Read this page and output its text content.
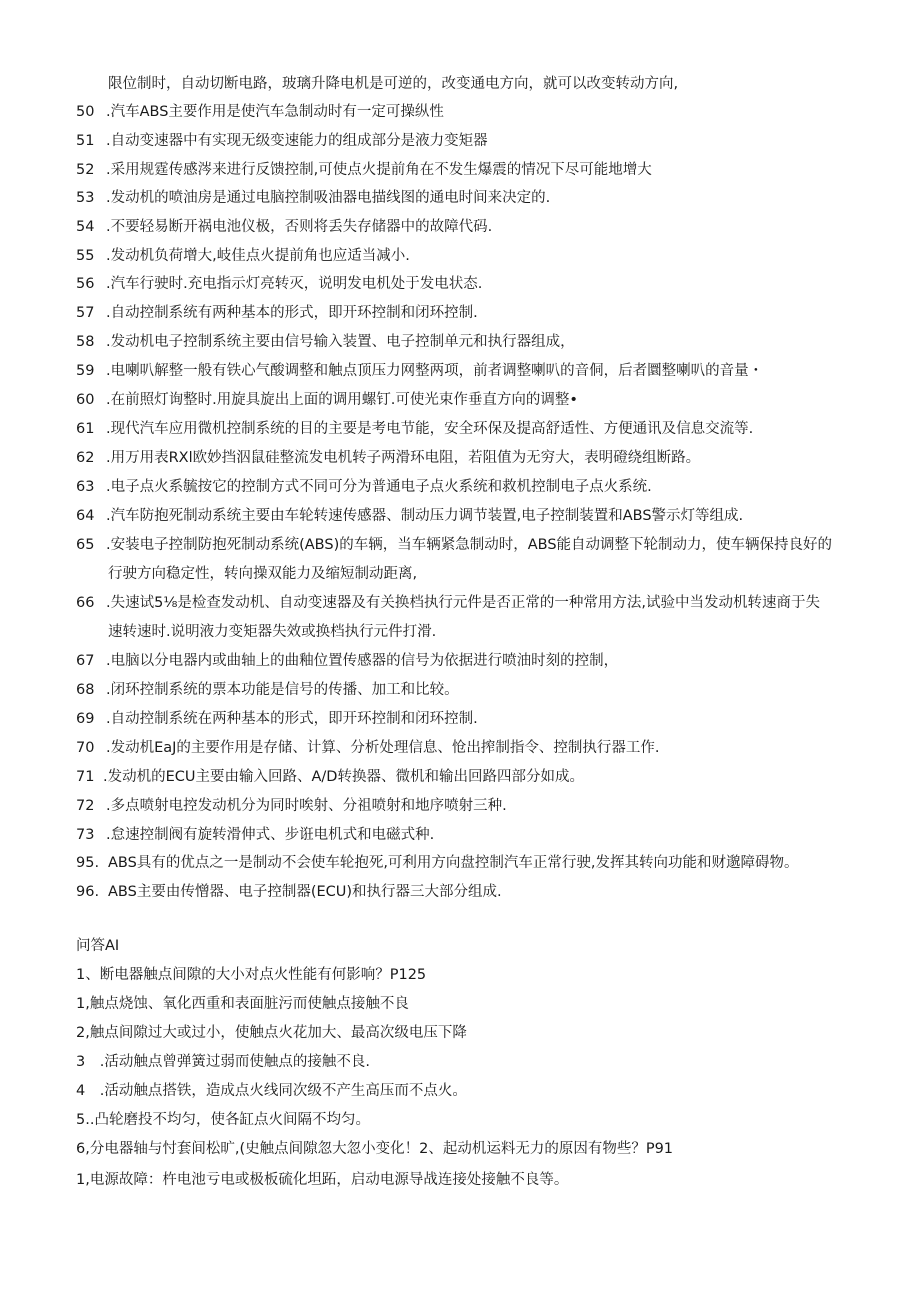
限位制时，自动切断电路，玻璃升降电机是可逆的，改变通电方向，就可以改变转动方向,
50 .汽车ABS主要作用是使汽车急制动时有一定可操纵性
51 .自动变速器中有实现无级变速能力的组成部分是液力变矩器
52 .采用规霆传感涔来进行反馈控制,可使点火提前角在不发生爆震的情况下尽可能地增大
53 .发动机的喷油房是通过电脑控制吸油器电描线图的通电时间来决定的.
54 .不要轻易断开祸电池仪极，否则将丢失存储器中的故障代码.
55 .发动机负荷增大,岐佳点火提前角也应适当减小.
56 .汽车行驶时.充电指示灯亮转灭，说明发电机处于发电状态.
57 .自动控制系统有两种基本的形式，即开环控制和闭环控制.
58 .发动机电子控制系统主要由信号输入装置、电子控制单元和执行器组成，
59 .电喇叭解整一般有铁心气酸调整和触点顶压力网整两项，前者调整喇叭的音侗，后者圜整喇叭的音量・
60 .在前照灯询整时.用旋具旋出上面的调用螺钉.可使光束作垂直方向的调整•
61 .现代汽车应用微机控制系统的目的主要是考电节能，安全环保及提高舒适性、方便通讯及信息交流等.
62 .用万用表RXl欧妙挡泅鼠硅整流发电机转子两滑环电阻，若阻值为无穷大，表明磴绕组断路。
63 .电子点火系毓按它的控制方式不同可分为普通电子点火系统和救机控制电子点火系统.
64 .汽车防抱死制动系统主要由车轮转速传感器、制动压力调节装置,电子控制装置和ABS警示灯等组成.
65 .安装电子控制防抱死制动系统(ABS)的车辆，当车辆紧急制动时，ABS能自动调整下轮制动力，使车辆保持良好的
行驶方向稳定性，转向操双能力及缩短制动距离,
66 .失速试5⅛是检查发动机、自动变速器及有关换档执行元件是否正常的一种常用方法,试验中当发动机转速商于失
速转速时.说明液力变矩器失效或换档执行元件打滑.
67 .电脑以分电器内或曲轴上的曲釉位置传感器的信号为依据进行喷油时刻的控制，
68 .闭环控制系统的票本功能是信号的传播、加工和比较。
69 .自动控制系统在两种基本的形式，即开环控制和闭环控制.
70 .发动机EaJ的主要作用是存储、计算、分析处理信息、怆出搾制指令、控制执行器工作.
71 .发动机的ECU主要由输入回路、A/D转换器、微机和输出回路四部分如成。
72 .多点喷射电控发动机分为同时唉射、分祖喷射和地序喷射三种.
73 .怠速控制阀有旋转滑伸式、步诳电机式和电磁式种.
95. ABS具有的优点之一是制动不会使车轮抱死,可利用方向盘控制汽车正常行驶,发挥其转向功能和财邈障碍物。
96. ABS主要由传憎器、电子控制器(ECU)和执行器三大部分组成.
问答AI
1、断电器触点间隙的大小对点火性能有何影响？P125
1,触点烧蚀、氧化西重和表面脏污而使触点接触不良
2,触点间隙过大或过小，使触点火花加大、最高次级电压下降
3　.活动触点曾弹簧过弱而使触点的接触不良.
4　.活动触点搭铁，造成点火线同次级不产生高压而不点火。
5..凸轮磨投不均匀，使各缸点火间隔不均匀。
6,分电器轴与忖套间松旷,(史触点间隙忽大忽小变化！2、起动机运料无力的原因有物些？P91
1,电源故障：杵电池亏电或极板硫化坦跖，启动电源导战连接处接触不良等。
